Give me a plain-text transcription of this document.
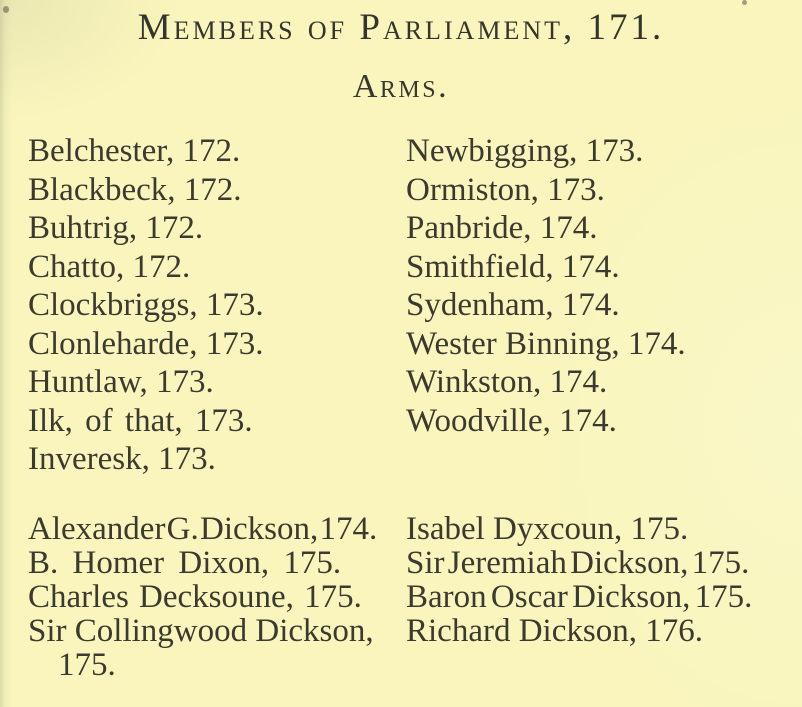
Members of Parliament, 171.
Arms.
Belchester, 172.
Blackbeck, 172.
Buhtrig, 172.
Chatto, 172.
Clockbriggs, 173.
Clonleharde, 173.
Huntlaw, 173.
Ilk, of that, 173.
Inveresk, 173.
Newbigging, 173.
Ormiston, 173.
Panbride, 174.
Smithfield, 174.
Sydenham, 174.
Wester Binning, 174.
Winkston, 174.
Woodville, 174.
Alexander G. Dickson, 174.
B. Homer Dixon, 175.
Charles Decksoune, 175.
Sir Collingwood Dickson,
175.
Isabel Dyxcoun, 175.
Sir Jeremiah Dickson, 175.
Baron Oscar Dickson, 175.
Richard Dickson, 176.
